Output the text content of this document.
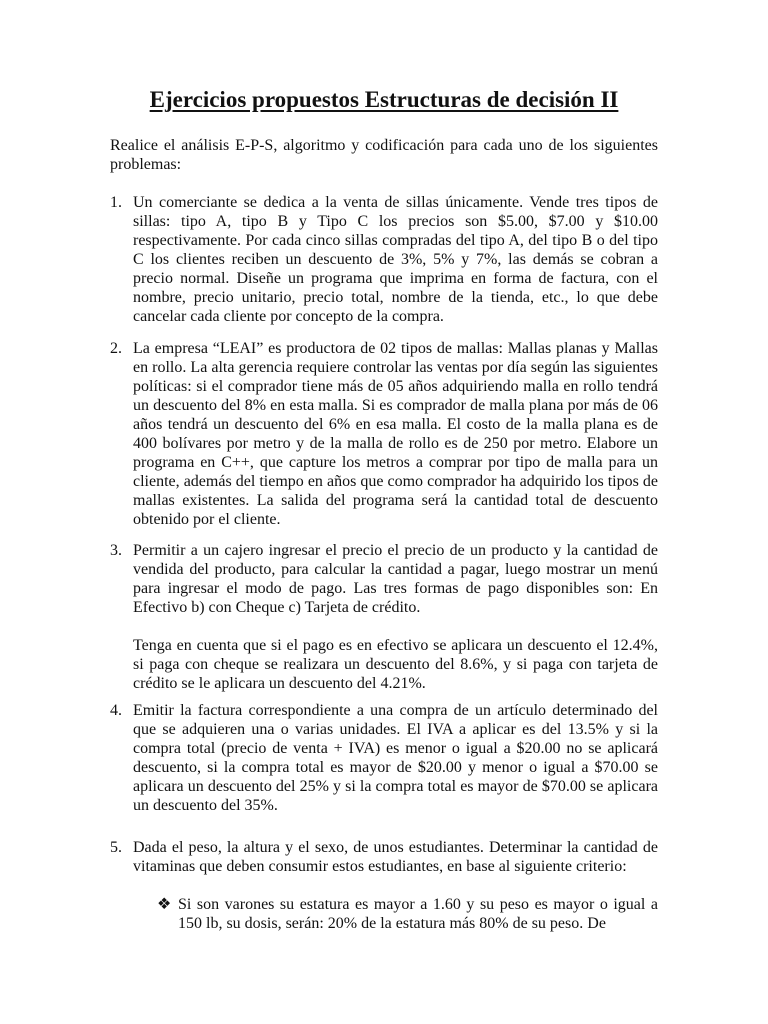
Ejercicios propuestos Estructuras de decisión II

Realice el análisis E-P-S, algoritmo y codificación para cada uno de los siguientes problemas:

1. Un comerciante se dedica a la venta de sillas únicamente. Vende tres tipos de sillas: tipo A, tipo B y Tipo C los precios son $5.00, $7.00 y $10.00 respectivamente. Por cada cinco sillas compradas del tipo A, del tipo B o del tipo C los clientes reciben un descuento de 3%, 5% y 7%, las demás se cobran a precio normal. Diseñe un programa que imprima en forma de factura, con el nombre, precio unitario, precio total, nombre de la tienda, etc., lo que debe cancelar cada cliente por concepto de la compra.

2. La empresa “LEAI” es productora de 02 tipos de mallas: Mallas planas y Mallas en rollo. La alta gerencia requiere controlar las ventas por día según las siguientes políticas: si el comprador tiene más de 05 años adquiriendo malla en rollo tendrá un descuento del 8% en esta malla. Si es comprador de malla plana por más de 06 años tendrá un descuento del 6% en esa malla. El costo de la malla plana es de 400 bolívares por metro y de la malla de rollo es de 250 por metro. Elabore un programa en C++, que capture los metros a comprar por tipo de malla para un cliente, además del tiempo en años que como comprador ha adquirido los tipos de mallas existentes. La salida del programa será la cantidad total de descuento obtenido por el cliente.

3. Permitir a un cajero ingresar el precio el precio de un producto y la cantidad de vendida del producto, para calcular la cantidad a pagar, luego mostrar un menú para ingresar el modo de pago. Las tres formas de pago disponibles son: En Efectivo b) con Cheque c) Tarjeta de crédito.

Tenga en cuenta que si el pago es en efectivo se aplicara un descuento el 12.4%, si paga con cheque se realizara un descuento del 8.6%, y si paga con tarjeta de crédito se le aplicara un descuento del 4.21%.

4. Emitir la factura correspondiente a una compra de un artículo determinado del que se adquieren una o varias unidades. El IVA a aplicar es del 13.5% y si la compra total (precio de venta + IVA) es menor o igual a $20.00 no se aplicará descuento, si la compra total es mayor de $20.00 y menor o igual a $70.00 se aplicara un descuento del 25% y si la compra total es mayor de $70.00 se aplicara un descuento del 35%.

5. Dada el peso, la altura y el sexo, de unos estudiantes. Determinar la cantidad de vitaminas que deben consumir estos estudiantes, en base al siguiente criterio:

❖ Si son varones su estatura es mayor a 1.60 y su peso es mayor o igual a 150 lb, su dosis, serán: 20% de la estatura más 80% de su peso. De
